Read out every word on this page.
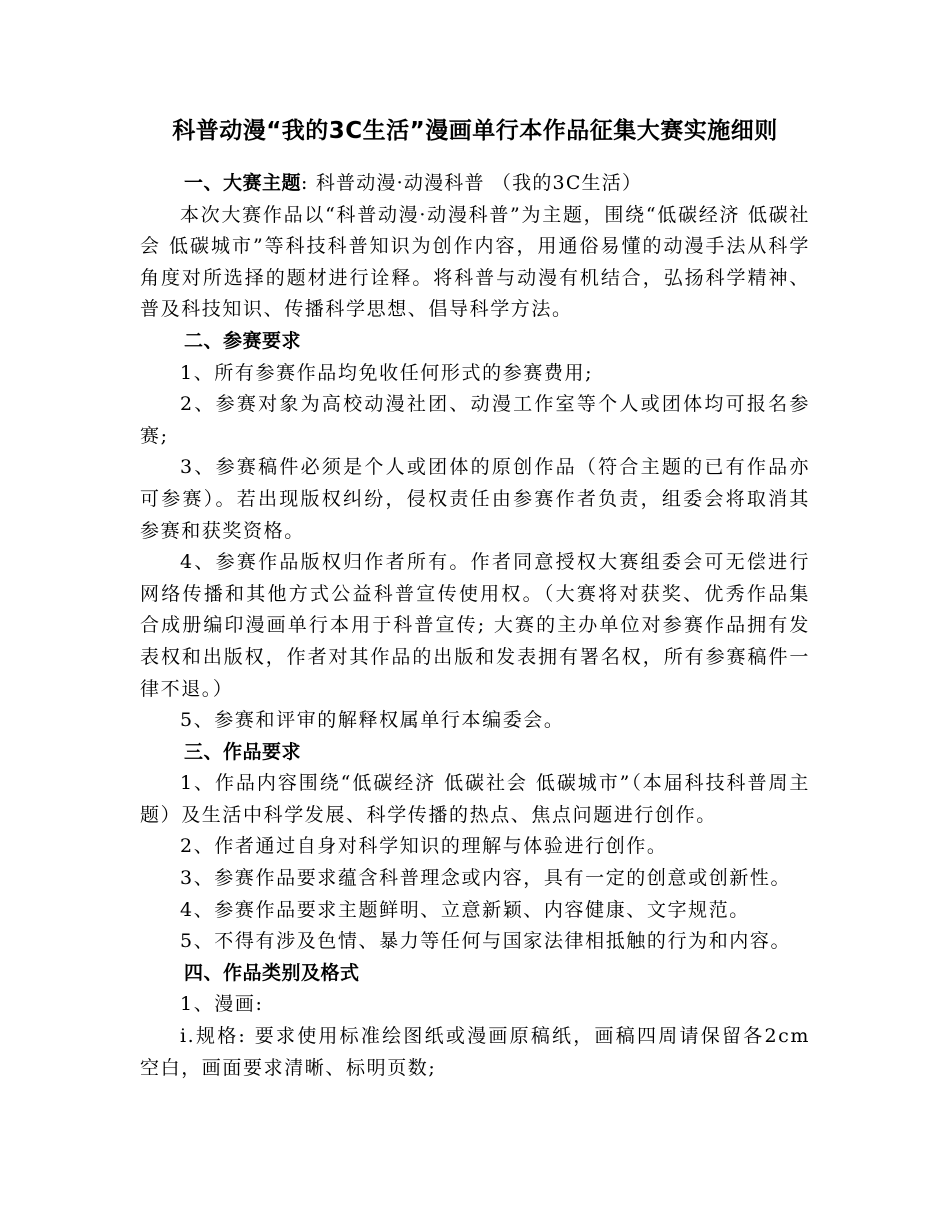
科普动漫“我的3C生活”漫画单行本作品征集大赛实施细则

一、大赛主题: 科普动漫·动漫科普 （我的3C生活）

本次大赛作品以“科普动漫·动漫科普”为主题，围绕“低碳经济 低碳社会 低碳城市”等科技科普知识为创作内容，用通俗易懂的动漫手法从科学角度对所选择的题材进行诠释。将科普与动漫有机结合，弘扬科学精神、普及科技知识、传播科学思想、倡导科学方法。

二、参赛要求

1、所有参赛作品均免收任何形式的参赛费用;

2、参赛对象为高校动漫社团、动漫工作室等个人或团体均可报名参赛;

3、参赛稿件必须是个人或团体的原创作品（符合主题的已有作品亦可参赛）。若出现版权纠纷，侵权责任由参赛作者负责，组委会将取消其参赛和获奖资格。

4、参赛作品版权归作者所有。作者同意授权大赛组委会可无偿进行网络传播和其他方式公益科普宣传使用权。（大赛将对获奖、优秀作品集合成册编印漫画单行本用于科普宣传; 大赛的主办单位对参赛作品拥有发表权和出版权，作者对其作品的出版和发表拥有署名权，所有参赛稿件一律不退。）

5、参赛和评审的解释权属单行本编委会。

三、作品要求

1、作品内容围绕“低碳经济 低碳社会 低碳城市”（本届科技科普周主题）及生活中科学发展、科学传播的热点、焦点问题进行创作。

2、作者通过自身对科学知识的理解与体验进行创作。

3、参赛作品要求蕴含科普理念或内容，具有一定的创意或创新性。

4、参赛作品要求主题鲜明、立意新颖、内容健康、文字规范。

5、不得有涉及色情、暴力等任何与国家法律相抵触的行为和内容。

四、作品类别及格式

1、漫画:

i.规格: 要求使用标准绘图纸或漫画原稿纸，画稿四周请保留各2cm空白，画面要求清晰、标明页数;
